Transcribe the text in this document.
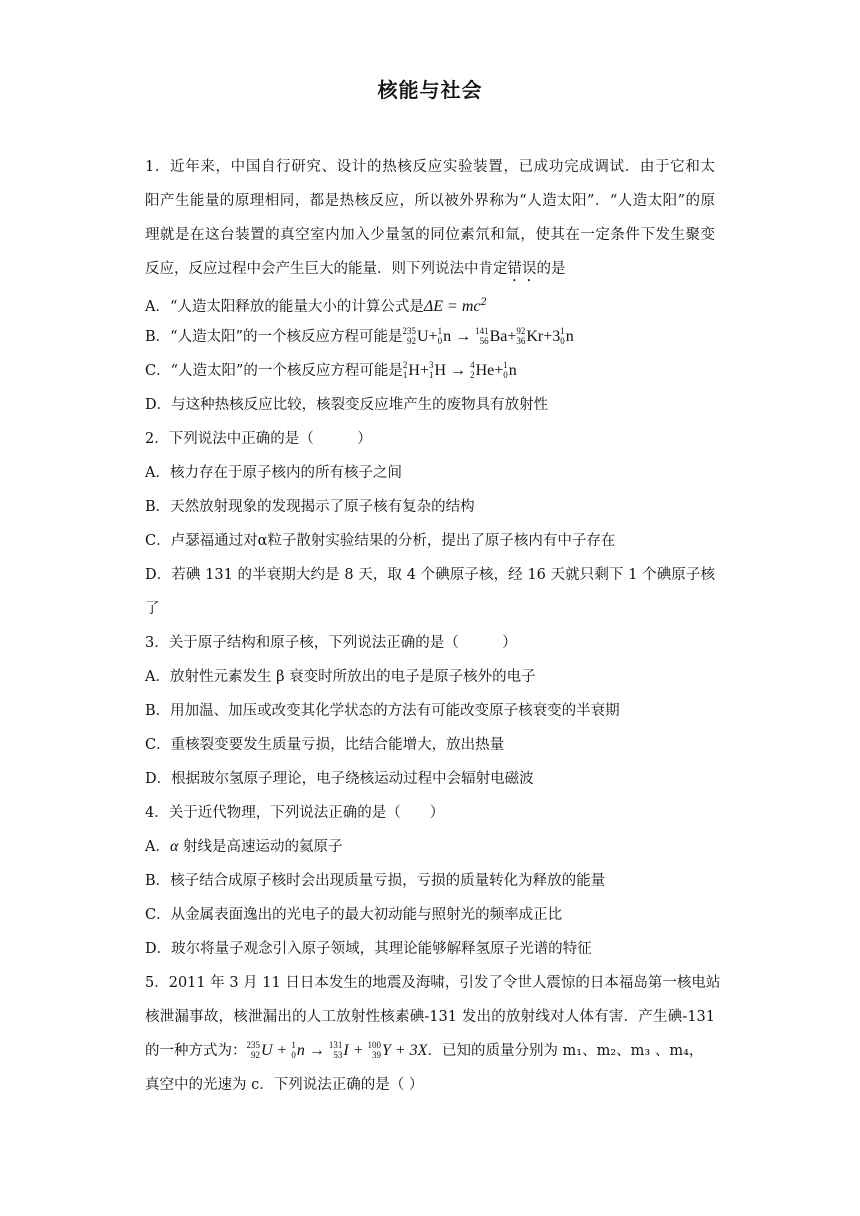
核能与社会
1．近年来，中国自行研究、设计的热核反应实验装置，已成功完成调试．由于它和太
阳产生能量的原理相同，都是热核反应，所以被外界称为“人造太阳”．“人造太阳”的原
理就是在这台装置的真空室内加入少量氢的同位素氘和氚，使其在一定条件下发生聚变
反应，反应过程中会产生巨大的能量．则下列说法中肯定错误的是
A．“人造太阳释放的能量大小的计算公式是$\Delta E = mc^2$
B．“人造太阳”的一个核反应方程可能是 235
92 U+ 1
0 n → 141
56 Ba+ 92
36 Kr+3 1
0 n
C．“人造太阳”的一个核反应方程可能是 2
1 H+ 3
1 H → 4
2 He+ 1
0 n
D．与这种热核反应比较，核裂变反应堆产生的废物具有放射性
2．下列说法中正确的是（　　　）
A．核力存在于原子核内的所有核子之间
B．天然放射现象的发现揭示了原子核有复杂的结构
C．卢瑟福通过对α粒子散射实验结果的分析，提出了原子核内有中子存在
D．若碘 131 的半衰期大约是 8 天，取 4 个碘原子核，经 16 天就只剩下 1 个碘原子核
了
3．关于原子结构和原子核，下列说法正确的是（　　　）
A．放射性元素发生 β 衰变时所放出的电子是原子核外的电子
B．用加温、加压或改变其化学状态的方法有可能改变原子核衰变的半衰期
C．重核裂变要发生质量亏损，比结合能增大，放出热量
D．根据玻尔氢原子理论，电子绕核运动过程中会辐射电磁波
4．关于近代物理，下列说法正确的是（　　）
A．α 射线是高速运动的氦原子
B．核子结合成原子核时会出现质量亏损，亏损的质量转化为释放的能量
C．从金属表面逸出的光电子的最大初动能与照射光的频率成正比
D．玻尔将量子观念引入原子领域，其理论能够解释氢原子光谱的特征
5．2011 年 3 月 11 日日本发生的地震及海啸，引发了令世人震惊的日本福岛第一核电站
核泄漏事故，核泄漏出的人工放射性核素碘-131 发出的放射线对人体有害．产生碘-131
的一种方式为： 235
92 U + 1
0 n → 131
53 I + 100
39 Y + 3X．已知的质量分别为 m₁、m₂、m₃ 、m₄，
真空中的光速为 c．下列说法正确的是（ ）
